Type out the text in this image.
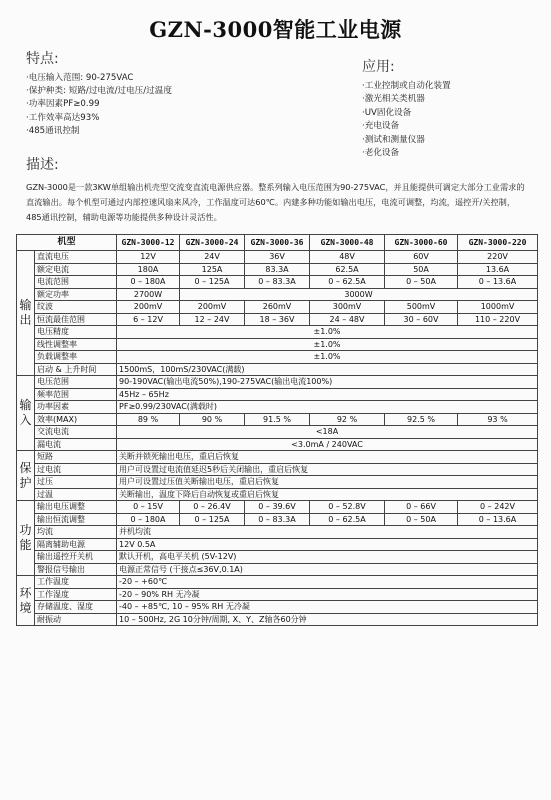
GZN-3000智能工业电源
特点:
·电压输入范围: 90-275VAC
·保护种类: 短路/过电流/过电压/过温度
·功率因素PF≥0.99
·工作效率高达93%
·485通讯控制
应用:
·工业控制或自动化装置
·激光相关类机器
·UV固化设备
·充电设备
·测试和测量仪器
·老化设备
描述:
GZN-3000是一款3KW单组输出机壳型交流变直流电源供应器。整系列输入电压范围为90-275VAC，并且能提供可调定大部分工业需求的直流输出。每个机型可通过内部控速风扇来风冷，工作温度可达60℃。内建多种功能如输出电压，电流可调整，均流，遥控开/关控制，485通讯控制，辅助电源等功能提供多种设计灵活性。
机型		GZN-3000-12	GZN-3000-24	GZN-3000-36	GZN-3000-48	GZN-3000-60	GZN-3000-220
输出	直流电压	12V	24V	36V	48V	60V	220V
	额定电流	180A	125A	83.3A	62.5A	50A	13.6A
	电流范围	0 – 180A	0 – 125A	0 – 83.3A	0 – 62.5A	0 – 50A	0 – 13.6A
	额定功率	2700W	3000W				
	纹波	200mV	200mV	260mV	300mV	500mV	1000mV
	恒流最佳范围	6 – 12V	12 – 24V	18 – 36V	24 – 48V	30 – 60V	110 – 220V
	电压精度	±1.0%					
	线性调整率	±1.0%					
	负载调整率	±1.0%					
	启动 & 上升时间	1500mS，100mS/230VAC(满载)					
输入	电压范围	90-190VAC(输出电流50%),190-275VAC(输出电流100%)					
	频率范围	45Hz – 65Hz					
	功率因素	PF≥0.99/230VAC(满载时)					
	效率(MAX)	89 %	90 %	91.5 %	92 %	92.5 %	93 %
	交流电流	<18A					
	漏电流	<3.0mA / 240VAC					
保护	短路	关断并锁死输出电压，重启后恢复					
	过电流	用户可设置过电流值延迟5秒后关闭输出，重启后恢复					
	过压	用户可设置过压值关断输出电压，重启后恢复					
	过温	关断输出，温度下降后自动恢复或重启后恢复					
功能	输出电压调整	0 – 15V	0 – 26.4V	0 – 39.6V	0 – 52.8V	0 – 66V	0 – 242V
	输出恒流调整	0 – 180A	0 – 125A	0 – 83.3A	0 – 62.5A	0 – 50A	0 – 13.6A
	均流	并机均流					
	隔离辅助电源	12V 0.5A					
	输出遥控开关机	默认开机，高电平关机 (5V-12V)					
	警报信号输出	电源正常信号 (干接点≤36V,0.1A)					
环境	工作温度	-20 – +60℃					
	工作湿度	-20 – 90% RH 无冷凝					
	存储温度、湿度	-40 – +85℃, 10 – 95% RH 无冷凝					
	耐振动	10 – 500Hz, 2G 10分钟/周期, X、Y、Z轴各60分钟					
